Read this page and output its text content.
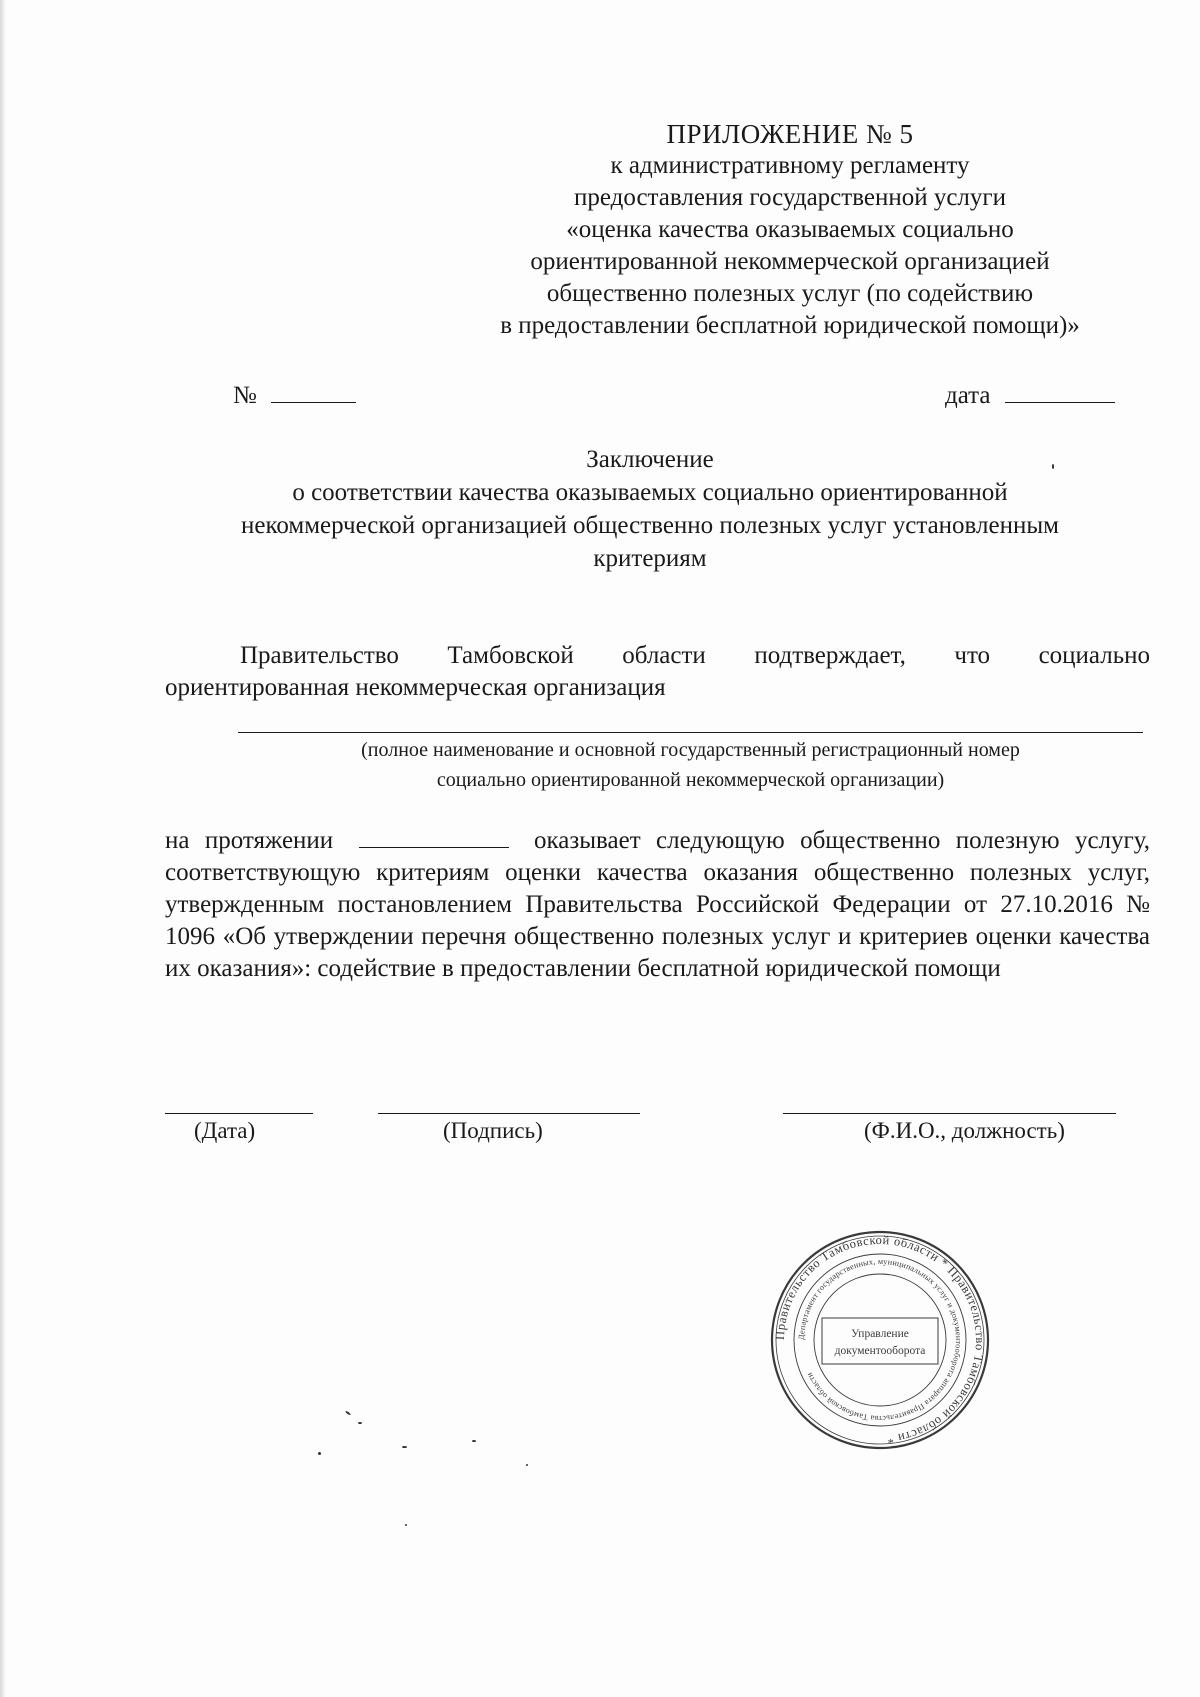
ПРИЛОЖЕНИЕ № 5
к административному регламенту
предоставления государственной услуги
«оценка качества оказываемых социально
ориентированной некоммерческой организацией
общественно полезных услуг (по содействию
в предоставлении бесплатной юридической помощи)»
№	дата
Заключение
о соответствии качества оказываемых социально ориентированной
некоммерческой организацией общественно полезных услуг установленным
критериям
Правительство Тамбовской области подтверждает, что социально
ориентированная некоммерческая организация
(полное наименование и основной государственный регистрационный номер
социально ориентированной некоммерческой организации)
на протяжении	оказывает следующую общественно полезную услугу, соответствующую критериям оценки качества оказания общественно полезных услуг, утвержденным постановлением Правительства Российской Федерации от 27.10.2016 № 1096 «Об утверждении перечня общественно полезных услуг и критериев оценки качества их оказания»: содействие в предоставлении бесплатной юридической помощи
(Дата)	(Подпись)	(Ф.И.О., должность)
Правительство Тамбовской области * Правительство Тамбовской области *
Департамент государственных, муниципальных услуг и документооборота аппарата Правительства Тамбовской области
Управление
документооборота
